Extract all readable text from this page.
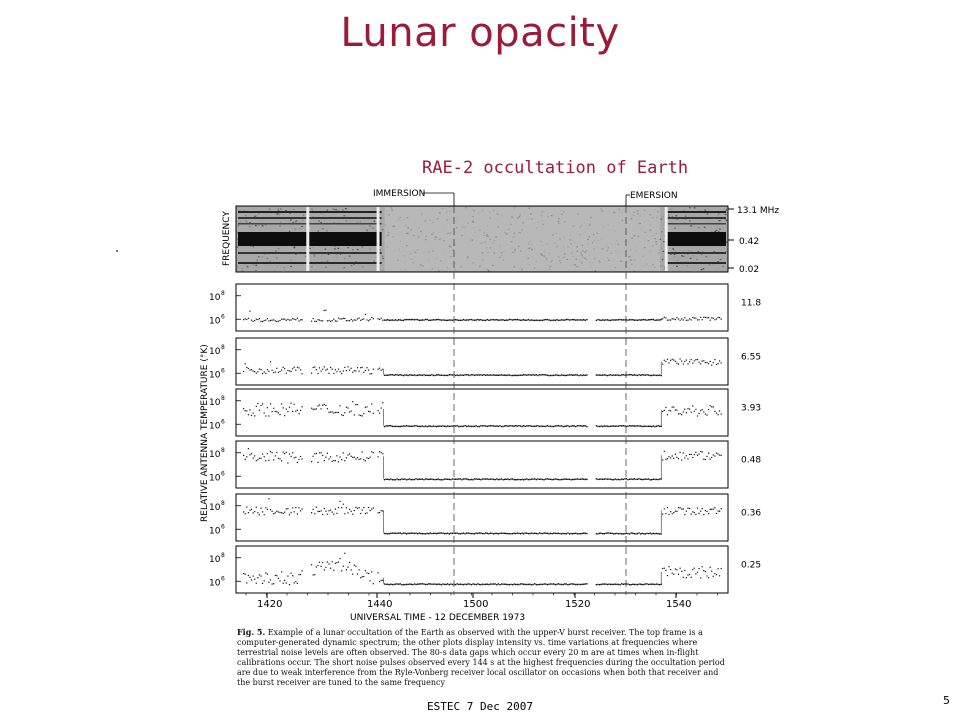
Lunar opacity
RAE-2 occultation of Earth
IMMERSION	EMERSION
FREQUENCY
13.1 MHz
0.42
0.02
10 8
10 6
11.8
10 8
10 6
6.55
10 8
10 6
3.93
10 8
10 6
0.48
10 8
10 6
0.36
10 8
10 6
0.25
RELATIVE ANTENNA TEMPERATURE (°K)
1420	1440	1500	1520	1540
UNIVERSAL TIME - 12 DECEMBER 1973
Fig. 5. Example of a lunar occultation of the Earth as observed with the upper-V burst receiver. The top frame is a computer-generated dynamic spectrum; the other plots display intensity vs. time variations at frequencies where terrestrial noise levels are often observed. The 80-s data gaps which occur every 20 m are at times when in-flight calibrations occur. The short noise pulses observed every 144 s at the highest frequencies during the occultation period are due to weak interference from the Ryle-Vonberg receiver local oscillator on occasions when both that receiver and the burst receiver are tuned to the same frequency
ESTEC 7 Dec 2007	5
